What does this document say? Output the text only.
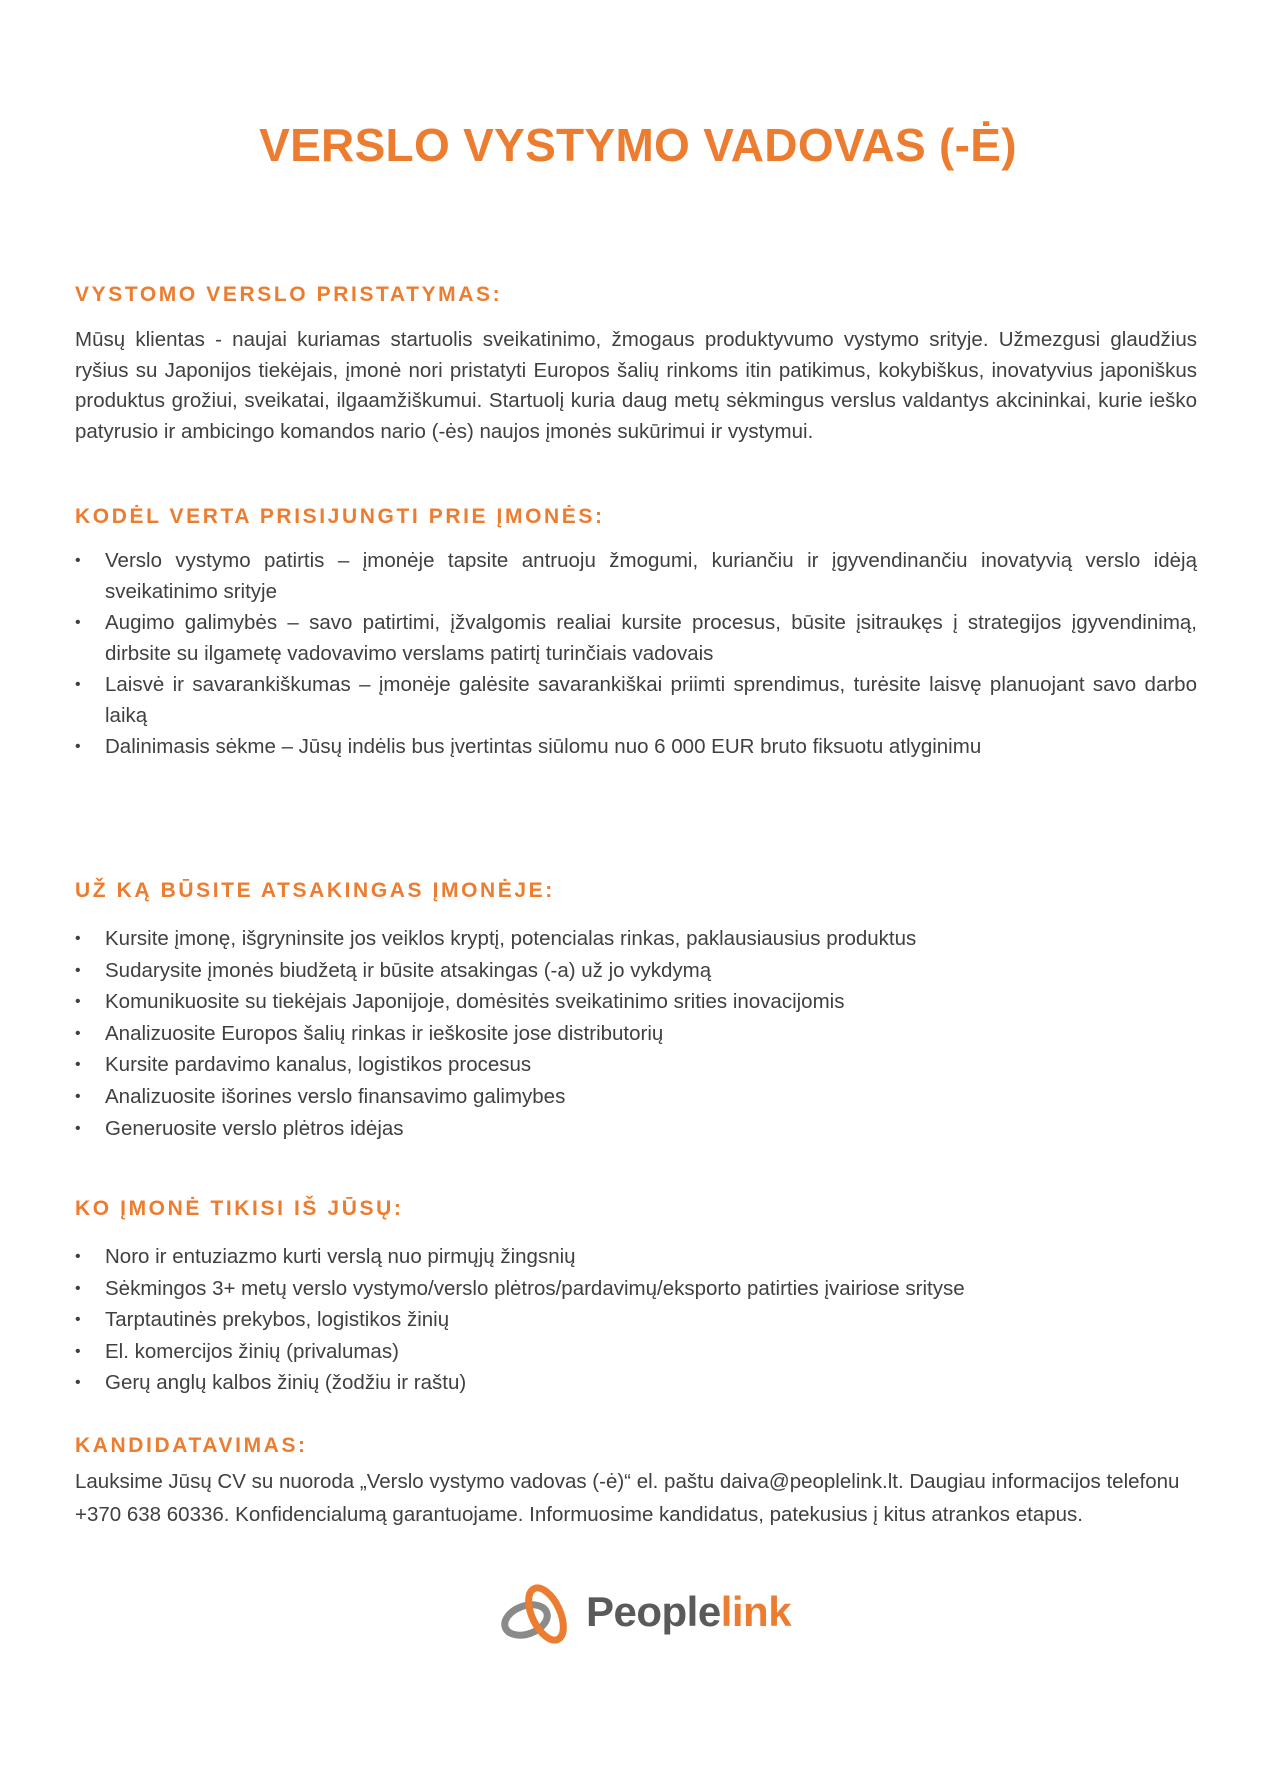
VERSLO VYSTYMO VADOVAS (-Ė)
VYSTOMO VERSLO PRISTATYMAS:

Mūsų klientas - naujai kuriamas startuolis sveikatinimo, žmogaus produktyvumo vystymo srityje. Užmezgusi glaudžius ryšius su Japonijos tiekėjais, įmonė nori pristatyti Europos šalių rinkoms itin patikimus, kokybiškus, inovatyvius japoniškus produktus grožiui, sveikatai, ilgaamžiškumui. Startuolį kuria daug metų sėkmingus verslus valdantys akcininkai, kurie ieško patyrusio ir ambicingo komandos nario (-ės) naujos įmonės sukūrimui ir vystymui.

KODĖL VERTA PRISIJUNGTI PRIE ĮMONĖS:
•	Verslo vystymo patirtis – įmonėje tapsite antruoju žmogumi, kuriančiu ir įgyvendinančiu inovatyvią verslo idėją sveikatinimo srityje
•	Augimo galimybės – savo patirtimi, įžvalgomis realiai kursite procesus, būsite įsitraukęs į strategijos įgyvendinimą, dirbsite su ilgametę vadovavimo verslams patirtį turinčiais vadovais
•	Laisvė ir savarankiškumas – įmonėje galėsite savarankiškai priimti sprendimus, turėsite laisvę planuojant savo darbo laiką
•	Dalinimasis sėkme – Jūsų indėlis bus įvertintas siūlomu nuo 6 000 EUR bruto fiksuotu atlyginimu
UŽ KĄ BŪSITE ATSAKINGAS ĮMONĖJE:
•	Kursite įmonę, išgryninsite jos veiklos kryptį, potencialas rinkas, paklausiausius produktus
•	Sudarysite įmonės biudžetą ir būsite atsakingas (-a) už jo vykdymą
•	Komunikuosite su tiekėjais Japonijoje, domėsitės sveikatinimo srities inovacijomis
•	Analizuosite Europos šalių rinkas ir ieškosite jose distributorių
•	Kursite pardavimo kanalus, logistikos procesus
•	Analizuosite išorines verslo finansavimo galimybes
•	Generuosite verslo plėtros idėjas
KO ĮMONĖ TIKISI IŠ JŪSŲ:
•	Noro ir entuziazmo kurti verslą nuo pirmųjų žingsnių
•	Sėkmingos 3+ metų verslo vystymo/verslo plėtros/pardavimų/eksporto patirties įvairiose srityse
•	Tarptautinės prekybos, logistikos žinių
•	El. komercijos žinių (privalumas)
•	Gerų anglų kalbos žinių (žodžiu ir raštu)
KANDIDATAVIMAS:

Lauksime Jūsų CV su nuoroda „Verslo vystymo vadovas (-ė)“ el. paštu daiva@peoplelink.lt. Daugiau informacijos telefonu +370 638 60336. Konfidencialumą garantuojame. Informuosime kandidatus, patekusius į kitus atrankos etapus.

Peoplelink
